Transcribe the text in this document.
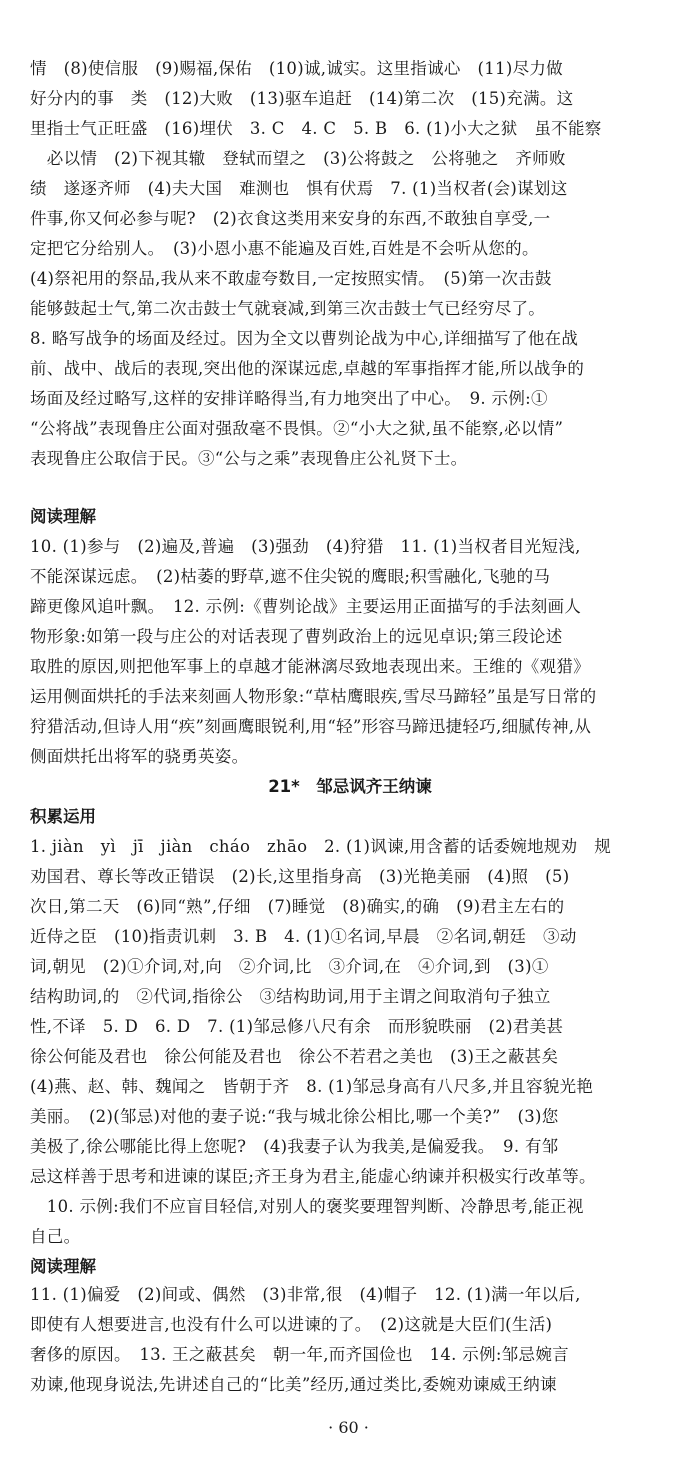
情　(8)使信服　(9)赐福,保佑　(10)诚,诚实。这里指诚心　(11)尽力做

好分内的事　类　(12)大败　(13)驱车追赶　(14)第二次　(15)充满。这

里指士气正旺盛　(16)埋伏　3. C　4. C　5. B　6. (1)小大之狱　虽不能察

　必以情　(2)下视其辙　登轼而望之　(3)公将鼓之　公将驰之　齐师败

绩　遂逐齐师　(4)夫大国　难测也　惧有伏焉　7. (1)当权者(会)谋划这

件事,你又何必参与呢?　(2)衣食这类用来安身的东西,不敢独自享受,一

定把它分给别人。　(3)小恩小惠不能遍及百姓,百姓是不会听从您的。

(4)祭祀用的祭品,我从来不敢虚夸数目,一定按照实情。　(5)第一次击鼓

能够鼓起士气,第二次击鼓士气就衰减,到第三次击鼓士气已经穷尽了。

8. 略写战争的场面及经过。因为全文以曹刿论战为中心,详细描写了他在战

前、战中、战后的表现,突出他的深谋远虑,卓越的军事指挥才能,所以战争的

场面及经过略写,这样的安排详略得当,有力地突出了中心。　9. 示例:①

“公将战”表现鲁庄公面对强敌毫不畏惧。②“小大之狱,虽不能察,必以情”

表现鲁庄公取信于民。③“公与之乘”表现鲁庄公礼贤下士。

阅读理解

10. (1)参与　(2)遍及,普遍　(3)强劲　(4)狩猎　11. (1)当权者目光短浅,

不能深谋远虑。　(2)枯萎的野草,遮不住尖锐的鹰眼;积雪融化,飞驰的马

蹄更像风追叶飘。　12. 示例:《曹刿论战》主要运用正面描写的手法刻画人

物形象:如第一段与庄公的对话表现了曹刿政治上的远见卓识;第三段论述

取胜的原因,则把他军事上的卓越才能淋漓尽致地表现出来。王维的《观猎》

运用侧面烘托的手法来刻画人物形象:“草枯鹰眼疾,雪尽马蹄轻”虽是写日常的

狩猎活动,但诗人用“疾”刻画鹰眼锐利,用“轻”形容马蹄迅捷轻巧,细腻传神,从

侧面烘托出将军的骁勇英姿。

21*　邹忌讽齐王纳谏

积累运用

1. jiàn　yì　jī　jiàn　cháo　zhāo　2. (1)讽谏,用含蓄的话委婉地规劝　规

劝国君、尊长等改正错误　(2)长,这里指身高　(3)光艳美丽　(4)照　(5)

次日,第二天　(6)同“熟”,仔细　(7)睡觉　(8)确实,的确　(9)君主左右的

近侍之臣　(10)指责讥刺　3. B　4. (1)①名词,早晨　②名词,朝廷　③动

词,朝见　(2)①介词,对,向　②介词,比　③介词,在　④介词,到　(3)①

结构助词,的　②代词,指徐公　③结构助词,用于主谓之间取消句子独立

性,不译　5. D　6. D　7. (1)邹忌修八尺有余　而形貌昳丽　(2)君美甚

徐公何能及君也　徐公何能及君也　徐公不若君之美也　(3)王之蔽甚矣

(4)燕、赵、韩、魏闻之　皆朝于齐　8. (1)邹忌身高有八尺多,并且容貌光艳

美丽。　(2)(邹忌)对他的妻子说:“我与城北徐公相比,哪一个美?”　(3)您

美极了,徐公哪能比得上您呢?　(4)我妻子认为我美,是偏爱我。　9. 有邹

忌这样善于思考和进谏的谋臣;齐王身为君主,能虚心纳谏并积极实行改革等。

　10. 示例:我们不应盲目轻信,对别人的褒奖要理智判断、冷静思考,能正视

自己。

阅读理解

11. (1)偏爱　(2)间或、偶然　(3)非常,很　(4)帽子　12. (1)满一年以后,

即使有人想要进言,也没有什么可以进谏的了。　(2)这就是大臣们(生活)

奢侈的原因。　13. 王之蔽甚矣　朝一年,而齐国俭也　14. 示例:邹忌婉言

劝谏,他现身说法,先讲述自己的“比美”经历,通过类比,委婉劝谏威王纳谏

· 60 ·
